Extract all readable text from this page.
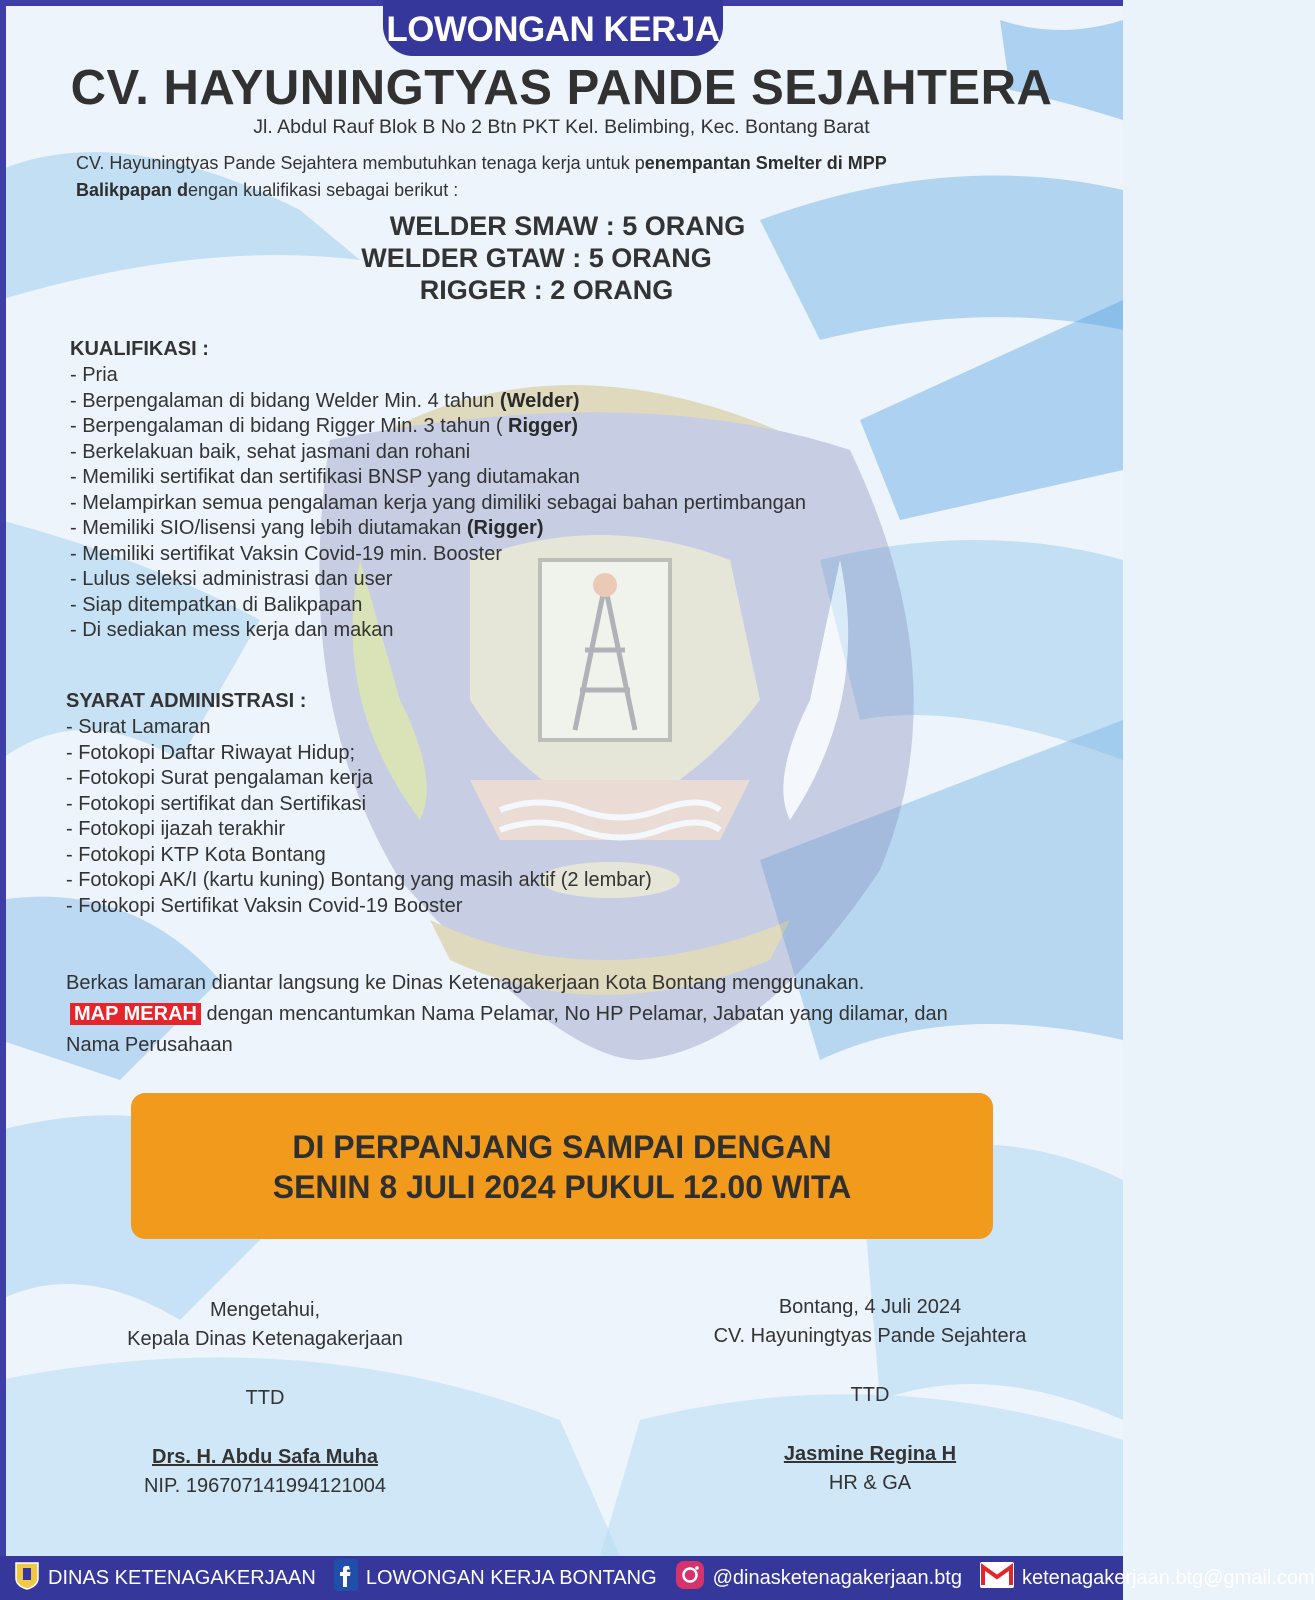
LOWONGAN KERJA
CV. HAYUNINGTYAS PANDE SEJAHTERA
Jl. Abdul Rauf Blok B No 2 Btn PKT Kel. Belimbing, Kec. Bontang Barat
CV. Hayuningtyas Pande Sejahtera membutuhkan tenaga kerja untuk penempantan Smelter di MPP
Balikpapan dengan kualifikasi sebagai berikut :
WELDER SMAW : 5 ORANG
WELDER GTAW : 5 ORANG
RIGGER : 2 ORANG
KUALIFIKASI :
- Pria
- Berpengalaman di bidang Welder Min. 4 tahun (Welder)
- Berpengalaman di bidang Rigger Min. 3 tahun ( Rigger)
- Berkelakuan baik, sehat jasmani dan rohani
- Memiliki sertifikat dan sertifikasi BNSP yang diutamakan
- Melampirkan semua pengalaman kerja yang dimiliki sebagai bahan pertimbangan
- Memiliki SIO/lisensi yang lebih diutamakan (Rigger)
- Memiliki sertifikat Vaksin Covid-19 min. Booster
- Lulus seleksi administrasi dan user
- Siap ditempatkan di Balikpapan
- Di sediakan mess kerja dan makan
SYARAT ADMINISTRASI :
- Surat Lamaran
- Fotokopi Daftar Riwayat Hidup;
- Fotokopi Surat pengalaman kerja
- Fotokopi sertifikat dan Sertifikasi
- Fotokopi ijazah terakhir
- Fotokopi KTP Kota Bontang
- Fotokopi AK/I (kartu kuning) Bontang yang masih aktif (2 lembar)
- Fotokopi Sertifikat Vaksin Covid-19 Booster
Berkas lamaran diantar langsung ke Dinas Ketenagakerjaan Kota Bontang menggunakan.
MAP MERAH dengan mencantumkan Nama Pelamar, No HP Pelamar, Jabatan yang dilamar, dan Nama Perusahaan
DI PERPANJANG SAMPAI DENGAN
SENIN 8 JULI 2024 PUKUL 12.00 WITA
Mengetahui,
Kepala Dinas Ketenagakerjaan
TTD
Drs. H. Abdu Safa Muha
NIP. 196707141994121004
Bontang, 4 Juli 2024
CV. Hayuningtyas Pande Sejahtera
TTD
Jasmine Regina H
HR & GA
DINAS KETENAGAKERJAAN	LOWONGAN KERJA BONTANG	@dinasketenagakerjaan.btg	ketenagakerjaan.btg@gmail.com
